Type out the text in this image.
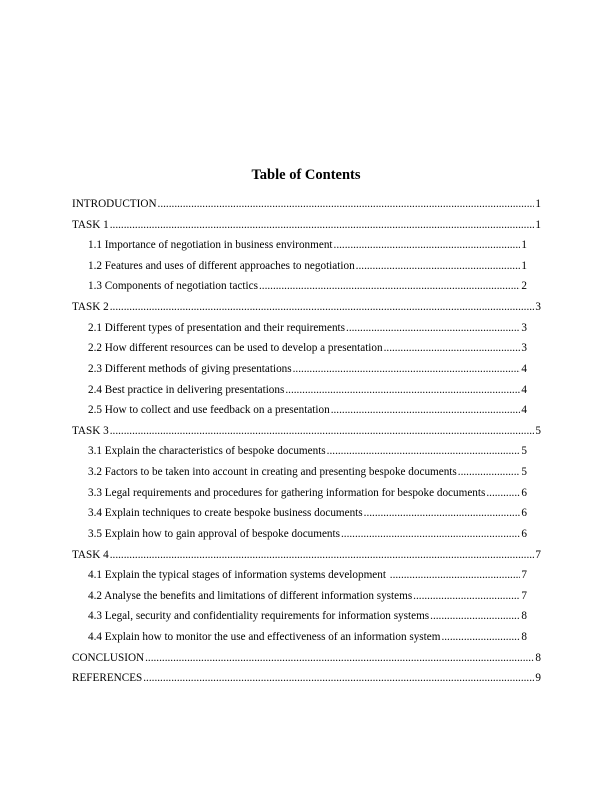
Table of Contents
INTRODUCTION .....	1
TASK 1 .....	1
1.1 Importance of negotiation in business environment .....	1
1.2 Features and uses of different approaches to negotiation .....	1
1.3 Components of negotiation tactics .....	2
TASK 2 .....	3
2.1 Different types of presentation and their requirements .....	3
2.2 How different resources can be used to develop a presentation .....	3
2.3 Different methods of giving presentations .....	4
2.4 Best practice in delivering presentations .....	4
2.5 How to collect and use feedback on a presentation .....	4
TASK 3 .....	5
3.1 Explain the characteristics of bespoke documents .....	5
3.2 Factors to be taken into account in creating and presenting bespoke documents .....	5
3.3 Legal requirements and procedures for gathering information for bespoke documents .....	6
3.4 Explain techniques to create bespoke business documents .....	6
3.5 Explain how to gain approval of bespoke documents .....	6
TASK 4 .....	7
4.1 Explain the typical stages of information systems development .....	7
4.2 Analyse the benefits and limitations of different information systems .....	7
4.3 Legal, security and confidentiality requirements for information systems .....	8
4.4 Explain how to monitor the use and effectiveness of an information system .....	8
CONCLUSION .....	8
REFERENCES .....	9
